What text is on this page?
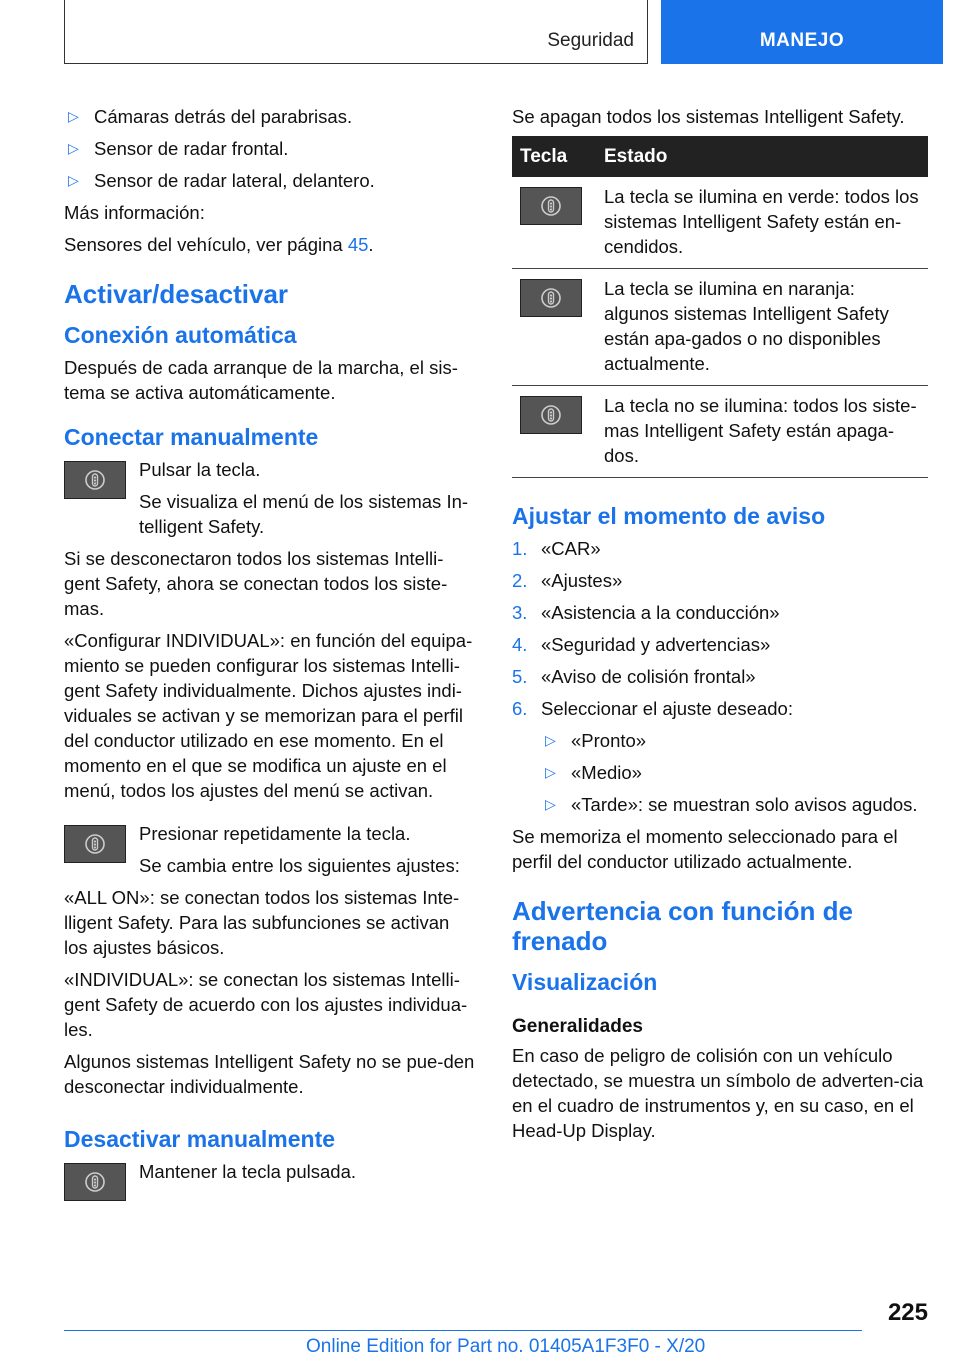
Seguridad	MANEJO
▷ Cámaras detrás del parabrisas.
▷ Sensor de radar frontal.
▷ Sensor de radar lateral, delantero.

Más información:

Sensores del vehículo, ver página 45.

Activar/desactivar
Conexión automática

Después de cada arranque de la marcha, el sis-tema se activa automáticamente.

Conectar manualmente

Pulsar la tecla.

Se visualiza el menú de los sistemas In-telligent Safety.

Si se desconectaron todos los sistemas Intelli-gent Safety, ahora se conectan todos los siste-mas.

«Configurar INDIVIDUAL»: en función del equipa-miento se pueden configurar los sistemas Intelli-gent Safety individualmente. Dichos ajustes indi-viduales se activan y se memorizan para el perfil del conductor utilizado en ese momento. En el momento en el que se modifica un ajuste en el menú, todos los ajustes del menú se activan.

Presionar repetidamente la tecla.

Se cambia entre los siguientes ajustes:

«ALL ON»: se conectan todos los sistemas Inte-lligent Safety. Para las subfunciones se activan los ajustes básicos.

«INDIVIDUAL»: se conectan los sistemas Intelli-gent Safety de acuerdo con los ajustes individua-les.

Algunos sistemas Intelligent Safety no se pue-den desconectar individualmente.

Desactivar manualmente

Mantener la tecla pulsada.

Se apagan todos los sistemas Intelligent Safety.

Tecla	Estado

	La tecla se ilumina en verde: todos los sistemas Intelligent Safety están en-cendidos.

	La tecla se ilumina en naranja: algunos sistemas Intelligent Safety están apa-gados o no disponibles actualmente.

	La tecla no se ilumina: todos los siste-mas Intelligent Safety están apaga-dos.
Ajustar el momento de aviso
1. «CAR»
2. «Ajustes»
3. «Asistencia a la conducción»
4. «Seguridad y advertencias»
5. «Aviso de colisión frontal»
6. Seleccionar el ajuste deseado:
▷ «Pronto»
▷ «Medio»
▷ «Tarde»: se muestran solo avisos agudos.

Se memoriza el momento seleccionado para el perfil del conductor utilizado actualmente.

Advertencia con función de frenado
Visualización
Generalidades

En caso de peligro de colisión con un vehículo detectado, se muestra un símbolo de adverten-cia en el cuadro de instrumentos y, en su caso, en el Head-Up Display.

225
Online Edition for Part no. 01405A1F3F0 - X/20
